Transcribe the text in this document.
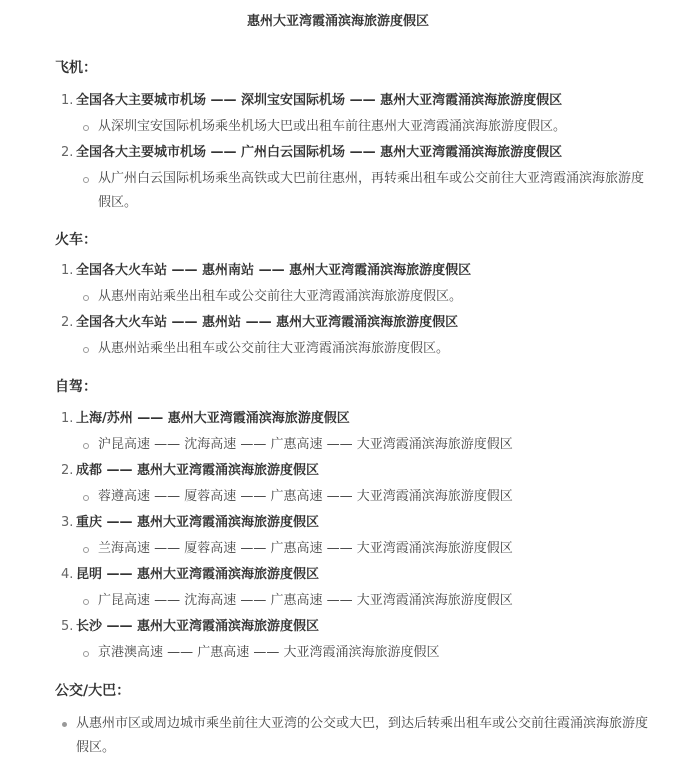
惠州大亚湾霞涌滨海旅游度假区
飞机：
1. 全国各大主要城市机场 —— 深圳宝安国际机场 —— 惠州大亚湾霞涌滨海旅游度假区
从深圳宝安国际机场乘坐机场大巴或出租车前往惠州大亚湾霞涌滨海旅游度假区。
2. 全国各大主要城市机场 —— 广州白云国际机场 —— 惠州大亚湾霞涌滨海旅游度假区
从广州白云国际机场乘坐高铁或大巴前往惠州，再转乘出租车或公交前往大亚湾霞涌滨海旅游度假区。
火车：
1. 全国各大火车站 —— 惠州南站 —— 惠州大亚湾霞涌滨海旅游度假区
从惠州南站乘坐出租车或公交前往大亚湾霞涌滨海旅游度假区。
2. 全国各大火车站 —— 惠州站 —— 惠州大亚湾霞涌滨海旅游度假区
从惠州站乘坐出租车或公交前往大亚湾霞涌滨海旅游度假区。
自驾：
1. 上海/苏州 —— 惠州大亚湾霞涌滨海旅游度假区
沪昆高速 —— 沈海高速 —— 广惠高速 —— 大亚湾霞涌滨海旅游度假区
2. 成都 —— 惠州大亚湾霞涌滨海旅游度假区
蓉遵高速 —— 厦蓉高速 —— 广惠高速 —— 大亚湾霞涌滨海旅游度假区
3. 重庆 —— 惠州大亚湾霞涌滨海旅游度假区
兰海高速 —— 厦蓉高速 —— 广惠高速 —— 大亚湾霞涌滨海旅游度假区
4. 昆明 —— 惠州大亚湾霞涌滨海旅游度假区
广昆高速 —— 沈海高速 —— 广惠高速 —— 大亚湾霞涌滨海旅游度假区
5. 长沙 —— 惠州大亚湾霞涌滨海旅游度假区
京港澳高速 —— 广惠高速 —— 大亚湾霞涌滨海旅游度假区
公交/大巴：
从惠州市区或周边城市乘坐前往大亚湾的公交或大巴，到达后转乘出租车或公交前往霞涌滨海旅游度假区。
